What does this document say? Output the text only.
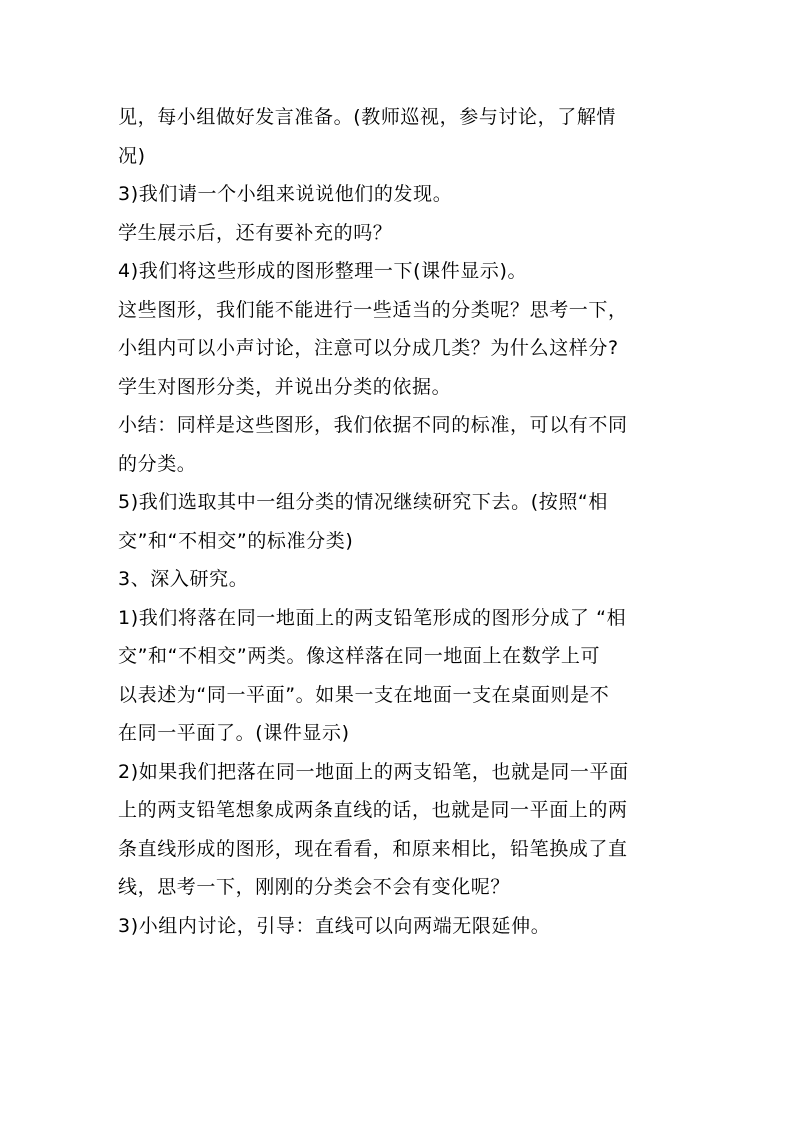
见，每小组做好发言准备。(教师巡视，参与讨论，了解情
况)
3)我们请一个小组来说说他们的发现。
学生展示后，还有要补充的吗？
4)我们将这些形成的图形整理一下(课件显示)。
这些图形，我们能不能进行一些适当的分类呢？思考一下，
小组内可以小声讨论，注意可以分成几类？为什么这样分?
学生对图形分类，并说出分类的依据。
小结：同样是这些图形，我们依据不同的标准，可以有不同
的分类。
5)我们选取其中一组分类的情况继续研究下去。(按照“相
交”和“不相交”的标准分类)
3、深入研究。
1)我们将落在同一地面上的两支铅笔形成的图形分成了 “相
交”和“不相交”两类。像这样落在同一地面上在数学上可
以表述为“同一平面”。如果一支在地面一支在桌面则是不
在同一平面了。(课件显示)
2)如果我们把落在同一地面上的两支铅笔，也就是同一平面
上的两支铅笔想象成两条直线的话，也就是同一平面上的两
条直线形成的图形，现在看看，和原来相比，铅笔换成了直
线，思考一下，刚刚的分类会不会有变化呢？
3)小组内讨论，引导：直线可以向两端无限延伸。
